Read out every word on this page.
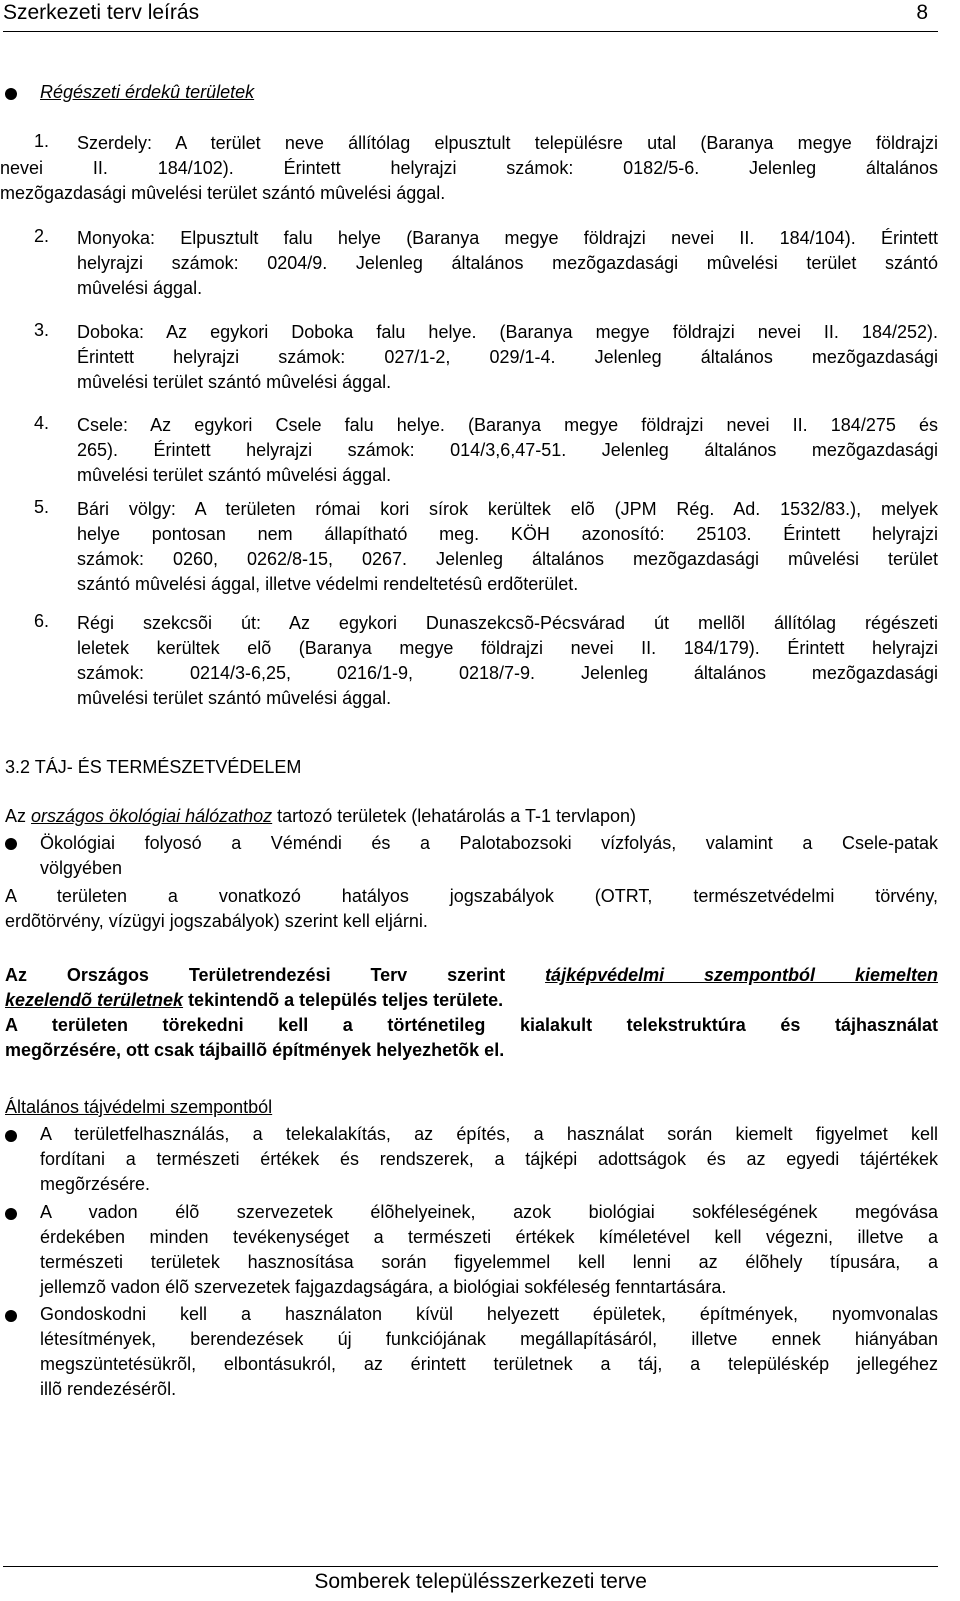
Szerkezeti terv leírás	8
Régészeti érdekû területek
1. Szerdely: A terület neve állítólag elpusztult településre utal (Baranya megye földrajzi
nevei II. 184/102). Érintett helyrajzi számok: 0182/5-6. Jelenleg általános
mezõgazdasági mûvelési terület szántó mûvelési ággal.
2. Monyoka: Elpusztult falu helye (Baranya megye földrajzi nevei II. 184/104). Érintett
helyrajzi számok: 0204/9. Jelenleg általános mezõgazdasági mûvelési terület szántó
mûvelési ággal.
3. Doboka: Az egykori Doboka falu helye. (Baranya megye földrajzi nevei II. 184/252).
Érintett helyrajzi számok: 027/1-2, 029/1-4. Jelenleg általános mezõgazdasági
mûvelési terület szántó mûvelési ággal.
4. Csele: Az egykori Csele falu helye. (Baranya megye földrajzi nevei II. 184/275 és
265). Érintett helyrajzi számok: 014/3,6,47-51. Jelenleg általános mezõgazdasági
mûvelési terület szántó mûvelési ággal.
5. Bári völgy: A területen római kori sírok kerültek elõ (JPM Rég. Ad. 1532/83.), melyek
helye pontosan nem állapítható meg. KÖH azonosító: 25103. Érintett helyrajzi
számok: 0260, 0262/8-15, 0267. Jelenleg általános mezõgazdasági mûvelési terület
szántó mûvelési ággal, illetve védelmi rendeltetésû erdõterület.
6. Régi szekcsõi út: Az egykori Dunaszekcsõ-Pécsvárad út mellõl állítólag régészeti
leletek kerültek elõ (Baranya megye földrajzi nevei II. 184/179). Érintett helyrajzi
számok: 0214/3-6,25, 0216/1-9, 0218/7-9. Jelenleg általános mezõgazdasági
mûvelési terület szántó mûvelési ággal.
3.2 TÁJ- ÉS TERMÉSZETVÉDELEM
Az országos ökológiai hálózathoz tartozó területek (lehatárolás a T-1 tervlapon)
Ökológiai folyosó a Véméndi és a Palotabozsoki vízfolyás, valamint a Csele-patak
völgyében
A területen a vonatkozó hatályos jogszabályok (OTRT, természetvédelmi törvény,
erdõtörvény, vízügyi jogszabályok) szerint kell eljárni.
Az Országos Területrendezési Terv szerint tájképvédelmi szempontból kiemelten
kezelendõ területnek tekintendõ a település teljes területe.
A területen törekedni kell a történetileg kialakult telekstruktúra és tájhasználat
megõrzésére, ott csak tájbaillõ építmények helyezhetõk el.
Általános tájvédelmi szempontból
A területfelhasználás, a telekalakítás, az építés, a használat során kiemelt figyelmet kell
fordítani a természeti értékek és rendszerek, a tájképi adottságok és az egyedi tájértékek
megõrzésére.
A vadon élõ szervezetek élõhelyeinek, azok biológiai sokféleségének megóvása
érdekében minden tevékenységet a természeti értékek kíméletével kell végezni, illetve a
természeti területek hasznosítása során figyelemmel kell lenni az élõhely típusára, a
jellemzõ vadon élõ szervezetek fajgazdagságára, a biológiai sokféleség fenntartására.
Gondoskodni kell a használaton kívül helyezett épületek, építmények, nyomvonalas
létesítmények, berendezések új funkciójának megállapításáról, illetve ennek hiányában
megszüntetésükrõl, elbontásukról, az érintett területnek a táj, a településkép jellegéhez
illõ rendezésérõl.
Somberek településszerkezeti terve
